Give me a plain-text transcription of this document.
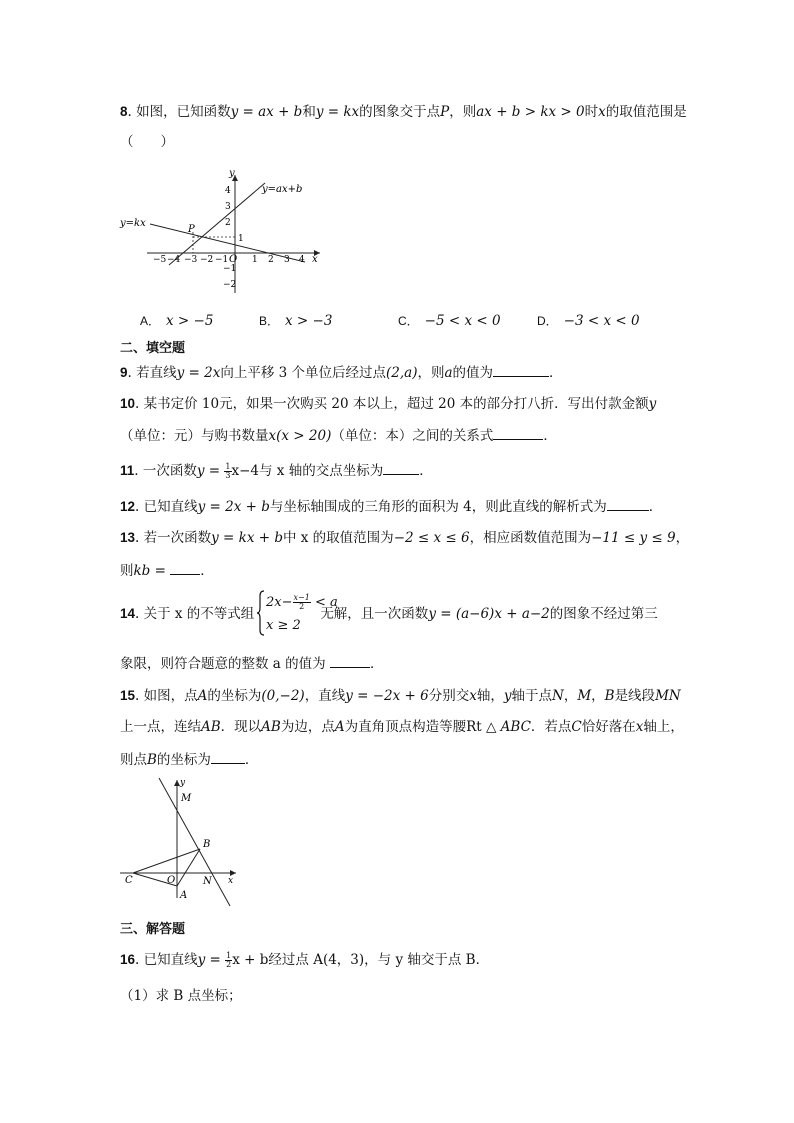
8. 如图，已知函数y = ax + b和y = kx的图象交于点P，则ax + b > kx > 0时x的取值范围是
（　　）
y=ax+b
y=kx
P
y
x
O
−5 −4 −3 −2 −1	1 2 3 4
4
3
2
1
−1
−2
A． x > −5	B． x > −3	C． −5 < x < 0	D． −3 < x < 0
二、填空题
9. 若直线y = 2x向上平移 3 个单位后经过点(2,a)，则a的值为	．
10. 某书定价 10元，如果一次购买 20 本以上，超过 20 本的部分打八折．写出付款金额y
（单位：元）与购书数量x(x > 20)（单位：本）之间的关系式	．
11. 一次函数$y = \frac{1}{3} x-4$与 x 轴的交点坐标为	．
12. 已知直线y = 2x + b与坐标轴围成的三角形的面积为 4，则此直线的解析式为	．
13. 若一次函数y = kx + b中 x 的取值范围为−2 ≤ x ≤ 6，相应函数值范围为−11 ≤ y ≤ 9，
则kb = ．
14. 关于 x 的不等式组	无解，且一次函数y = (a−6)x + a−2的图象不经过第三
$2x- \frac{x-1}{2} < a$
x ≥ 2
象限，则符合题意的整数 a 的值为	．
15. 如图，点A的坐标为(0,−2)，直线y = −2x + 6分别交x轴，y轴于点N，M，B是线段MN
上一点，连结AB．现以AB为边，点A为直角顶点构造等腰Rt △ ABC．若点C恰好落在x轴上，
则点B的坐标为	．
y
M
B
C	O	N x
A
三、解答题
16. 已知直线$y = \frac{1}{2}$ x + b经过点 A(4，3)，与 y 轴交于点 B．
（1）求 B 点坐标；
